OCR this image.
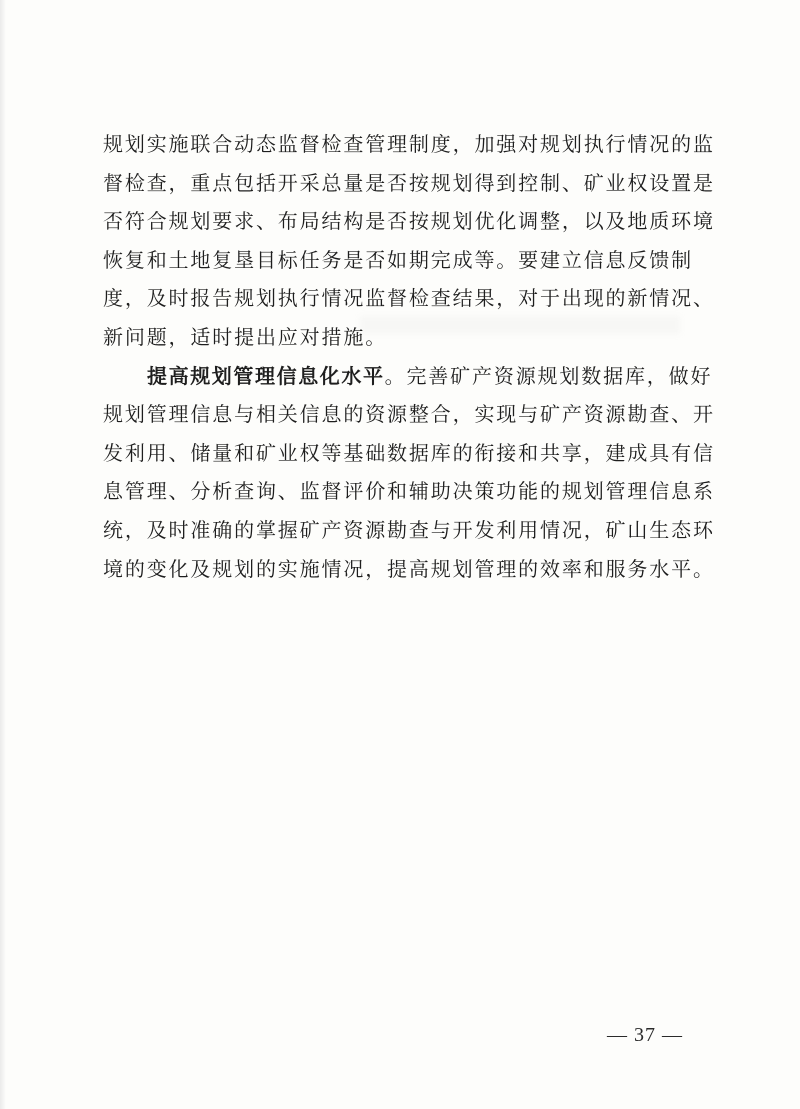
规划实施联合动态监督检查管理制度，加强对规划执行情况的监
督检查，重点包括开采总量是否按规划得到控制、矿业权设置是
否符合规划要求、布局结构是否按规划优化调整，以及地质环境
恢复和土地复垦目标任务是否如期完成等。要建立信息反馈制
度，及时报告规划执行情况监督检查结果，对于出现的新情况、
新问题，适时提出应对措施。
提高规划管理信息化水平。完善矿产资源规划数据库，做好
规划管理信息与相关信息的资源整合，实现与矿产资源勘查、开
发利用、储量和矿业权等基础数据库的衔接和共享，建成具有信
息管理、分析查询、监督评价和辅助决策功能的规划管理信息系
统，及时准确的掌握矿产资源勘查与开发利用情况，矿山生态环
境的变化及规划的实施情况，提高规划管理的效率和服务水平。
— 37 —
